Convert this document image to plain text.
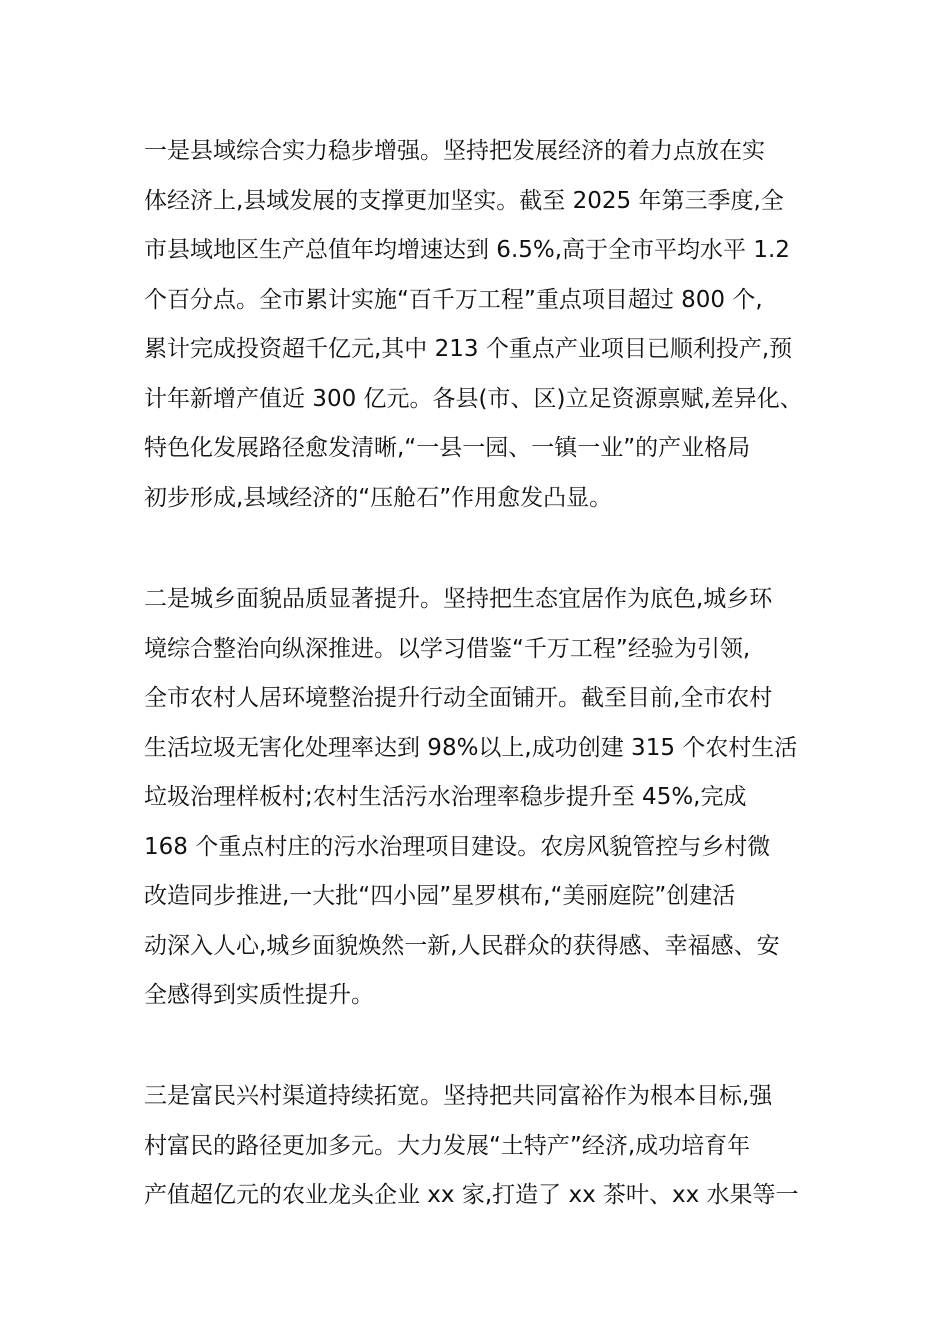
一是县域综合实力稳步增强。坚持把发展经济的着力点放在实
体经济上,县域发展的支撑更加坚实。截至 2025 年第三季度,全
市县域地区生产总值年均增速达到 6.5%,高于全市平均水平 1.2
个百分点。全市累计实施“百千万工程”重点项目超过 800 个,
累计完成投资超千亿元,其中 213 个重点产业项目已顺利投产,预
计年新增产值近 300 亿元。各县(市、区)立足资源禀赋,差异化、
特色化发展路径愈发清晰,“一县一园、一镇一业”的产业格局
初步形成,县域经济的“压舱石”作用愈发凸显。
二是城乡面貌品质显著提升。坚持把生态宜居作为底色,城乡环
境综合整治向纵深推进。以学习借鉴“千万工程”经验为引领,
全市农村人居环境整治提升行动全面铺开。截至目前,全市农村
生活垃圾无害化处理率达到 98%以上,成功创建 315 个农村生活
垃圾治理样板村;农村生活污水治理率稳步提升至 45%,完成
168 个重点村庄的污水治理项目建设。农房风貌管控与乡村微
改造同步推进,一大批“四小园”星罗棋布,“美丽庭院”创建活
动深入人心,城乡面貌焕然一新,人民群众的获得感、幸福感、安
全感得到实质性提升。
三是富民兴村渠道持续拓宽。坚持把共同富裕作为根本目标,强
村富民的路径更加多元。大力发展“土特产”经济,成功培育年
产值超亿元的农业龙头企业 xx 家,打造了 xx 茶叶、xx 水果等一
